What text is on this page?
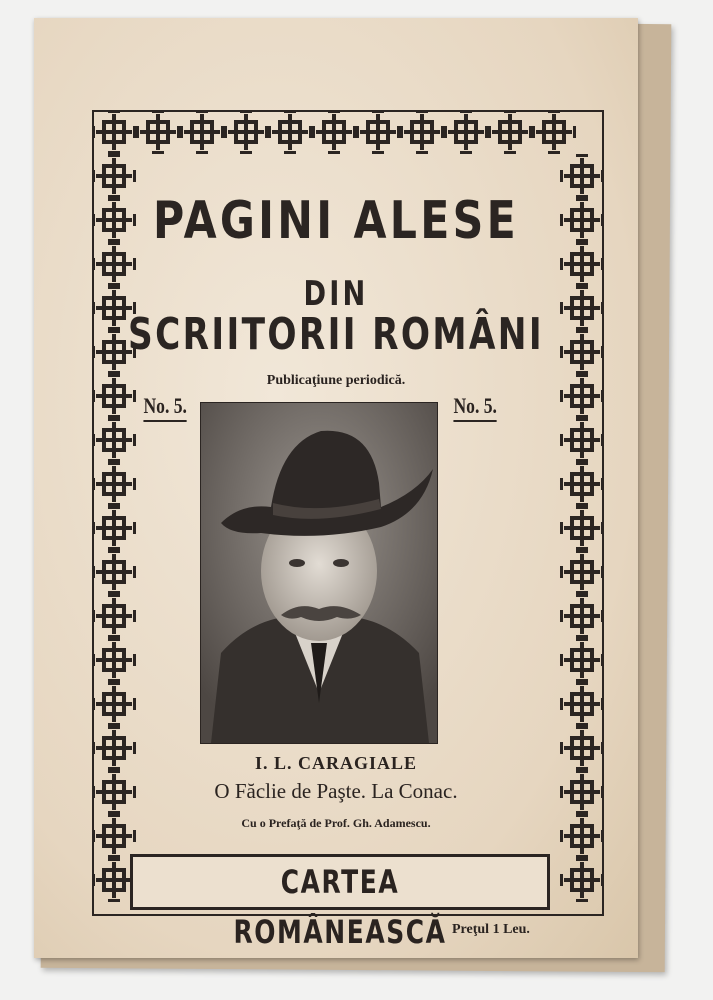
PAGINI ALESE
DIN
SCRIITORII ROMÂNI
Publicaţiune periodică.
No. 5.	No. 5.
I. L. CARAGIALE
O Făclie de Paşte. La Conac.
Cu o Prefaţă de Prof. Gh. Adamescu.
CARTEA ROMÂNEASCĂ Preţul 1 Leu.
